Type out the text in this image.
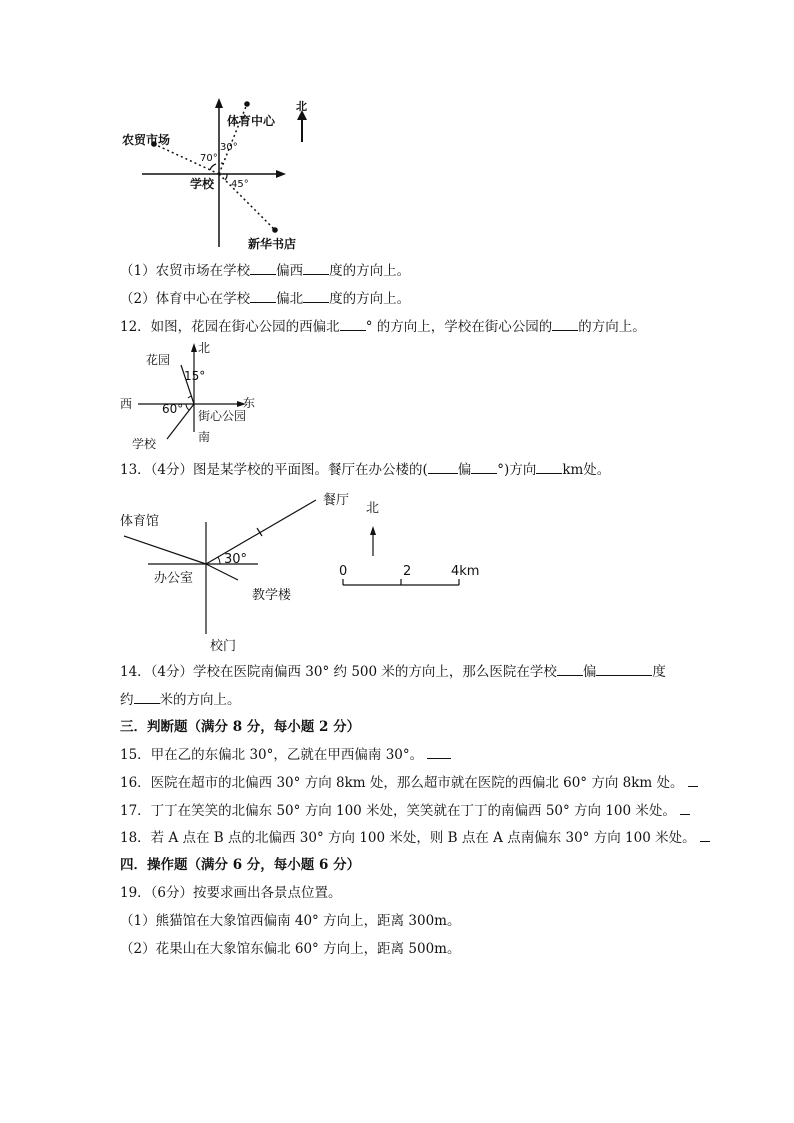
北
体育中心
农贸市场
学校
新华书店
70°
30°
45°
（1）农贸市场在学校 偏西 度的方向上。
（2）体育中心在学校 偏北 度的方向上。
12．如图，花园在街心公园的西偏北 ° 的方向上，学校在街心公园的 的方向上。
北
花园
15°
西 60° 街心公园
东
南
学校
13．（4分）图是某学校的平面图。餐厅在办公楼的( 偏 °)方向 km处。
餐厅
体育馆
30°
办公室
教学楼
校门
北
0	2	4km
14．（4分）学校在医院南偏西 30° 约 500 米的方向上，那么医院在学校 偏	度
约 米的方向上。
三．判断题（满分 8 分，每小题 2 分）
15．甲在乙的东偏北 30°，乙就在甲西偏南 30°。
16．医院在超市的北偏西 30° 方向 8km 处，那么超市就在医院的西偏北 60° 方向 8km 处。
17．丁丁在笑笑的北偏东 50° 方向 100 米处，笑笑就在丁丁的南偏西 50° 方向 100 米处。
18．若 A 点在 B 点的北偏西 30° 方向 100 米处，则 B 点在 A 点南偏东 30° 方向 100 米处。
四．操作题（满分 6 分，每小题 6 分）
19．（6分）按要求画出各景点位置。
（1）熊猫馆在大象馆西偏南 40° 方向上，距离 300m。
（2）花果山在大象馆东偏北 60° 方向上，距离 500m。
